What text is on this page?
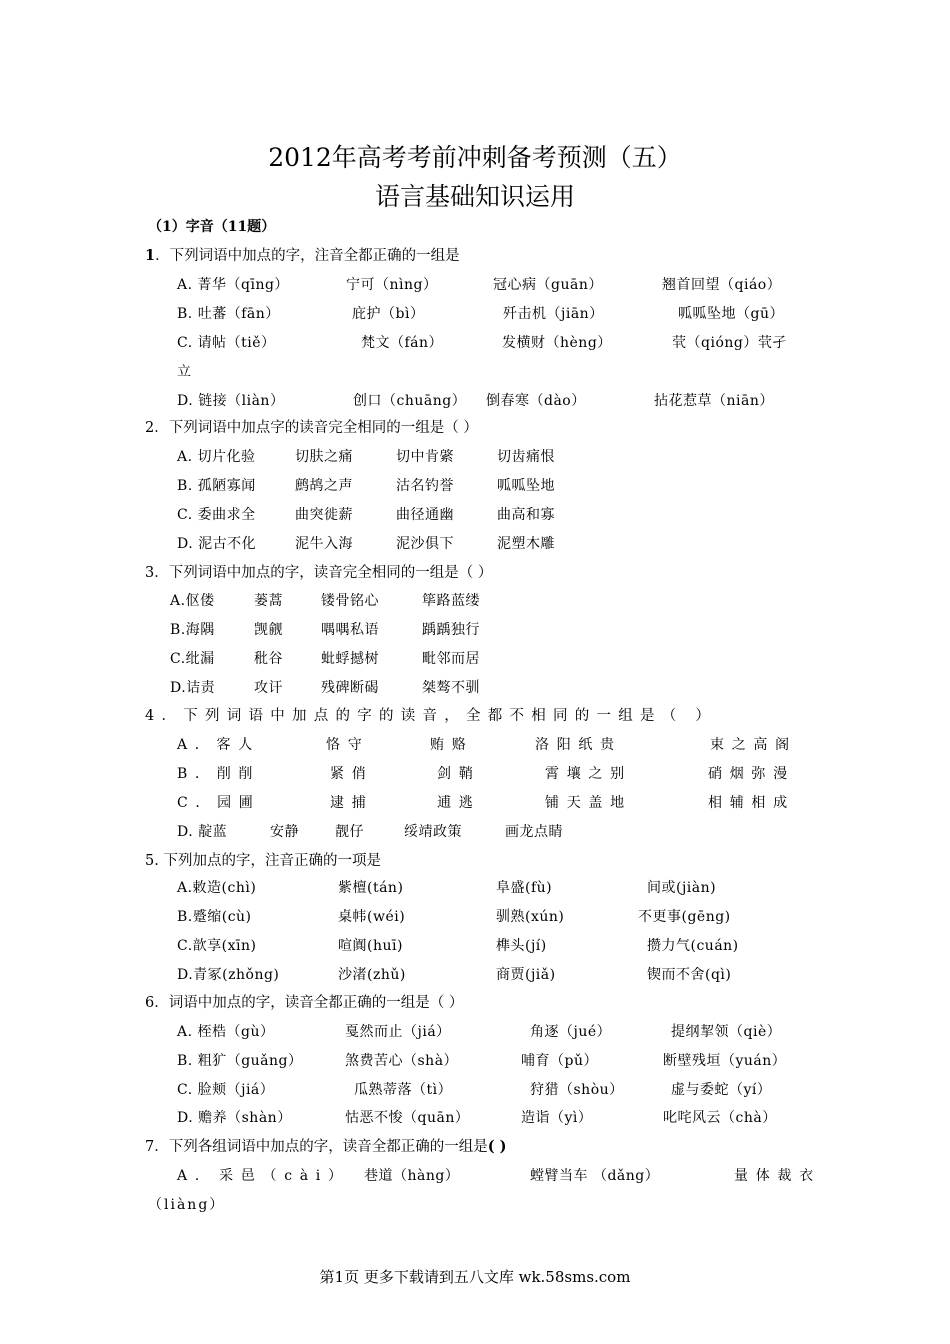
2012年高考考前冲刺备考预测（五）
语言基础知识运用
（1）字音（11题）
1．下列词语中加点的字，注音全都正确的一组是
A. 菁华（qīng）	宁可（nìng）	冠心病（guān）	翘首回望（qiáo）
B. 吐蕃（fān）	庇护（bì）	歼击机（jiān）	呱呱坠地（gū）
C. 请帖（tiě）	梵文（fán）	发横财（hèng）	茕（qióng）茕孑
立
D. 链接（liàn）	创口（chuāng） 倒春寒（dào）	拈花惹草（niān）
2．下列词语中加点字的读音完全相同的一组是（ ）
A. 切片化验	切肤之痛	切中肯綮	切齿痛恨
B. 孤陋寡闻	鹧鸪之声	沽名钓誉	呱呱坠地
C. 委曲求全	曲突徙薪	曲径通幽	曲高和寡
D. 泥古不化	泥牛入海	泥沙俱下	泥塑木雕
3．下列词语中加点的字，读音完全相同的一组是（ ）
A.伛偻	蒌蒿	镂骨铭心	筚路蓝缕
B.海隅	觊觎	喁喁私语	踽踽独行
C.纰漏	秕谷	蚍蜉撼树	毗邻而居
D.诘责	攻讦	残碑断碣	桀骜不驯
4．下列词语中加点的字的读音，全都不相同的一组是（ ）
A．客人	恪守	贿赂	洛阳纸贵	束之高阁
B．削削	紧俏	剑鞘	霄壤之别	硝烟弥漫
C．园圃	逮捕	逋逃	铺天盖地	相辅相成
D. 靛蓝	安静	靓仔	绥靖政策	画龙点睛
5. 下列加点的字，注音正确的一项是
A.敕造(chì)	紫檀(tán)	阜盛(fù)	间或(jiàn)
B.蹙缩(cù)	桌帏(wéi)	驯熟(xún)	不更事(gēng)
C.歆享(xīn)	喧阗(huī)	榫头(jí)	攒力气(cuán)
D.青冢(zhǒng)	沙渚(zhǔ)	商贾(jiǎ)	锲而不舍(qì)
6．词语中加点的字，读音全都正确的一组是（ ）
A. 桎梏（gù）	戛然而止（jiá）	角逐（jué）	提纲挈领（qiè）
B. 粗犷（guǎng）	煞费苦心（shà）	哺育（pǔ）	断壁残垣（yuán）
C. 脸颊（jiá）	瓜熟蒂落（tì）	狩猎（shòu）	虚与委蛇（yí）
D. 赡养（shàn）	怙恶不悛（quān）	造诣（yì）	叱咤风云（chà）
7．下列各组词语中加点的字，读音全都正确的一组是( )
A. 采邑（cài） 巷道（hàng）	螳臂当车 （dǎng）	量体裁衣
（liàng）
第1页 更多下载请到五八文库 wk.58sms.com
